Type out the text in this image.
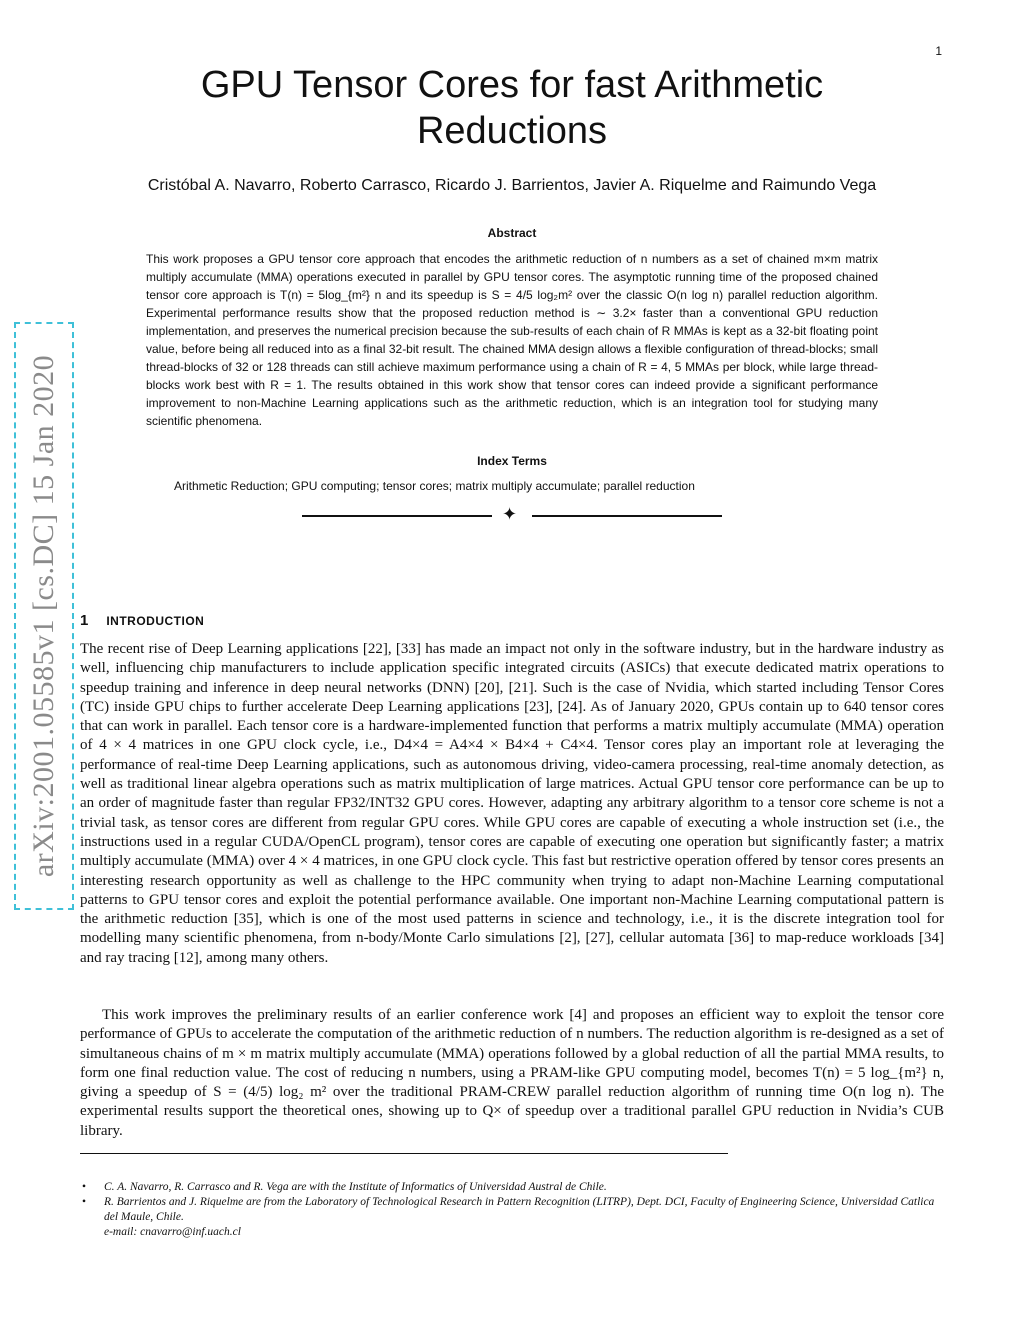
1
arXiv:2001.05585v1 [cs.DC] 15 Jan 2020
GPU Tensor Cores for fast Arithmetic Reductions
Cristóbal A. Navarro, Roberto Carrasco, Ricardo J. Barrientos, Javier A. Riquelme and Raimundo Vega
Abstract
This work proposes a GPU tensor core approach that encodes the arithmetic reduction of n numbers as a set of chained m×m matrix multiply accumulate (MMA) operations executed in parallel by GPU tensor cores. The asymptotic running time of the proposed chained tensor core approach is T(n) = 5log_{m²} n and its speedup is S = 4/5 log₂m² over the classic O(n log n) parallel reduction algorithm. Experimental performance results show that the proposed reduction method is ∼ 3.2× faster than a conventional GPU reduction implementation, and preserves the numerical precision because the sub-results of each chain of R MMAs is kept as a 32-bit floating point value, before being all reduced into as a final 32-bit result. The chained MMA design allows a flexible configuration of thread-blocks; small thread-blocks of 32 or 128 threads can still achieve maximum performance using a chain of R = 4, 5 MMAs per block, while large thread-blocks work best with R = 1. The results obtained in this work show that tensor cores can indeed provide a significant performance improvement to non-Machine Learning applications such as the arithmetic reduction, which is an integration tool for studying many scientific phenomena.
Index Terms
Arithmetic Reduction; GPU computing; tensor cores; matrix multiply accumulate; parallel reduction
✦
1 INTRODUCTION
The recent rise of Deep Learning applications [22], [33] has made an impact not only in the software industry, but in the hardware industry as well, influencing chip manufacturers to include application specific integrated circuits (ASICs) that execute dedicated matrix operations to speedup training and inference in deep neural networks (DNN) [20], [21]. Such is the case of Nvidia, which started including Tensor Cores (TC) inside GPU chips to further accelerate Deep Learning applications [23], [24]. As of January 2020, GPUs contain up to 640 tensor cores that can work in parallel. Each tensor core is a hardware-implemented function that performs a matrix multiply accumulate (MMA) operation of 4 × 4 matrices in one GPU clock cycle, i.e., D4×4 = A4×4 × B4×4 + C4×4. Tensor cores play an important role at leveraging the performance of real-time Deep Learning applications, such as autonomous driving, video-camera processing, real-time anomaly detection, as well as traditional linear algebra operations such as matrix multiplication of large matrices. Actual GPU tensor core performance can be up to an order of magnitude faster than regular FP32/INT32 GPU cores. However, adapting any arbitrary algorithm to a tensor core scheme is not a trivial task, as tensor cores are different from regular GPU cores. While GPU cores are capable of executing a whole instruction set (i.e., the instructions used in a regular CUDA/OpenCL program), tensor cores are capable of executing one operation but significantly faster; a matrix multiply accumulate (MMA) over 4 × 4 matrices, in one GPU clock cycle. This fast but restrictive operation offered by tensor cores presents an interesting research opportunity as well as challenge to the HPC community when trying to adapt non-Machine Learning computational patterns to GPU tensor cores and exploit the potential performance available. One important non-Machine Learning computational pattern is the arithmetic reduction [35], which is one of the most used patterns in science and technology, i.e., it is the discrete integration tool for modelling many scientific phenomena, from n-body/Monte Carlo simulations [2], [27], cellular automata [36] to map-reduce workloads [34] and ray tracing [12], among many others.
This work improves the preliminary results of an earlier conference work [4] and proposes an efficient way to exploit the tensor core performance of GPUs to accelerate the computation of the arithmetic reduction of n numbers. The reduction algorithm is re-designed as a set of simultaneous chains of m × m matrix multiply accumulate (MMA) operations followed by a global reduction of all the partial MMA results, to form one final reduction value. The cost of reducing n numbers, using a PRAM-like GPU computing model, becomes T(n) = 5 log_{m²} n, giving a speedup of S = (4/5) log₂ m² over the traditional PRAM-CREW parallel reduction algorithm of running time O(n log n). The experimental results support the theoretical ones, showing up to Q× of speedup over a traditional parallel GPU reduction in Nvidia’s CUB library.
• C. A. Navarro, R. Carrasco and R. Vega are with the Institute of Informatics of Universidad Austral de Chile.
• R. Barrientos and J. Riquelme are from the Laboratory of Technological Research in Pattern Recognition (LITRP), Dept. DCI, Faculty of Engineering Science, Universidad Catlica del Maule, Chile.
e-mail: cnavarro@inf.uach.cl
